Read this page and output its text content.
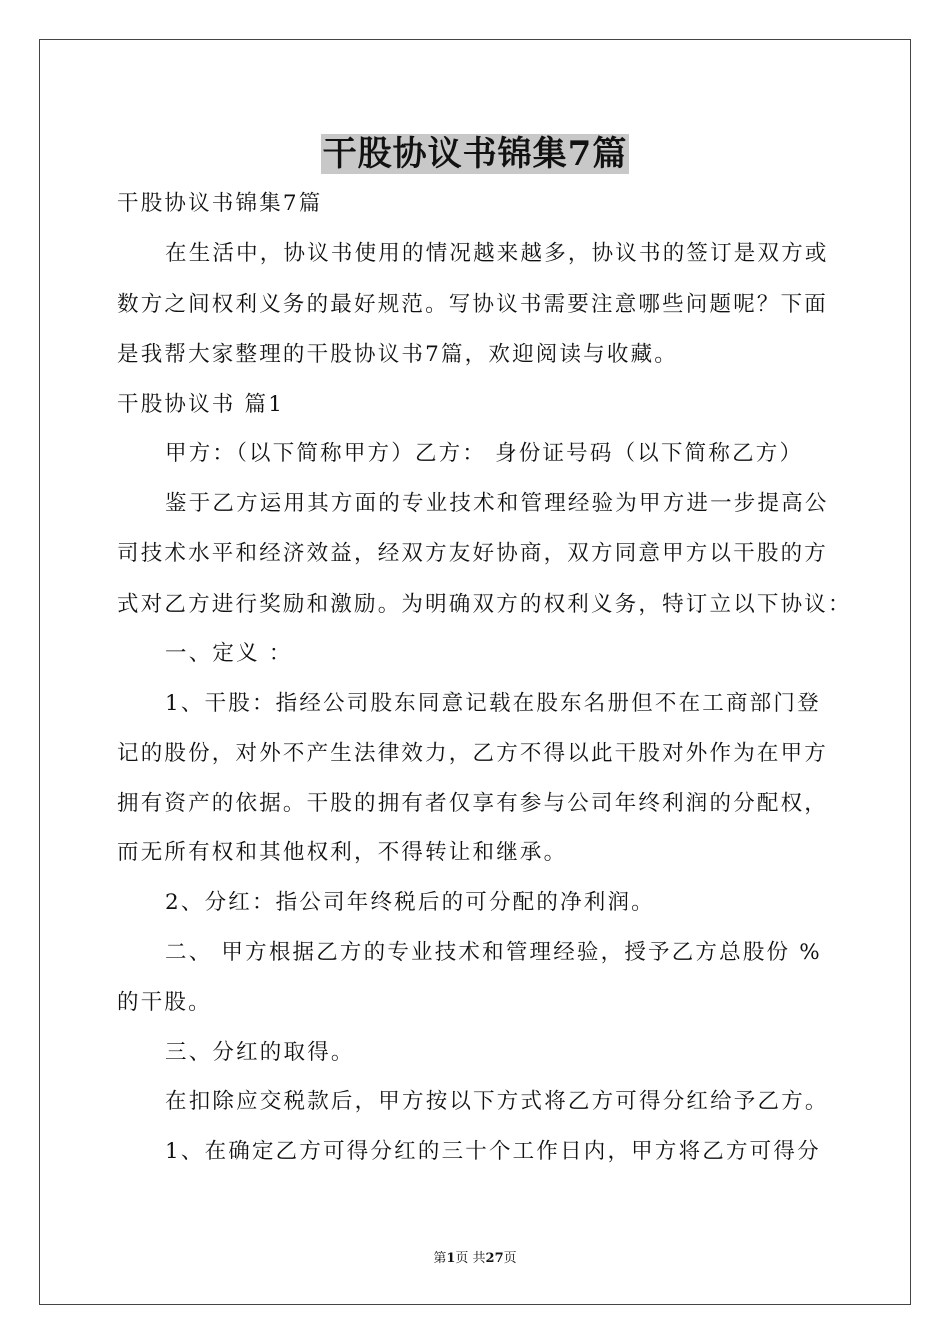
干股协议书锦集7篇
干股协议书锦集7篇
在生活中，协议书使用的情况越来越多，协议书的签订是双方或
数方之间权利义务的最好规范。写协议书需要注意哪些问题呢？下面
是我帮大家整理的干股协议书7篇，欢迎阅读与收藏。
干股协议书 篇1
甲方：（以下简称甲方）乙方： 身份证号码（以下简称乙方）
鉴于乙方运用其方面的专业技术和管理经验为甲方进一步提高公
司技术水平和经济效益，经双方友好协商，双方同意甲方以干股的方
式对乙方进行奖励和激励。为明确双方的权利义务，特订立以下协议：
一、定义 ：
1、干股：指经公司股东同意记载在股东名册但不在工商部门登
记的股份，对外不产生法律效力，乙方不得以此干股对外作为在甲方
拥有资产的依据。干股的拥有者仅享有参与公司年终利润的分配权，
而无所有权和其他权利，不得转让和继承。
2、分红：指公司年终税后的可分配的净利润。
二、 甲方根据乙方的专业技术和管理经验，授予乙方总股份 %
的干股。
三、分红的取得。
在扣除应交税款后，甲方按以下方式将乙方可得分红给予乙方。
1、在确定乙方可得分红的三十个工作日内，甲方将乙方可得分
第1页 共27页
